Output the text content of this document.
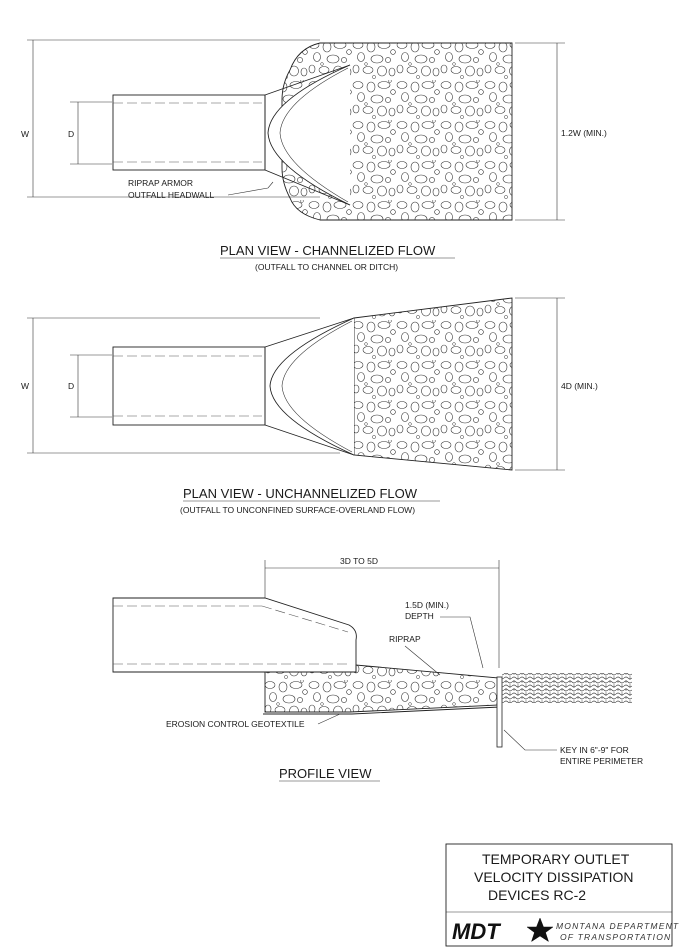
W	D	1.2W (MIN.)
RIPRAP ARMOR
OUTFALL HEADWALL
PLAN VIEW - CHANNELIZED FLOW
(OUTFALL TO CHANNEL OR DITCH)
W	D	4D (MIN.)
PLAN VIEW - UNCHANNELIZED FLOW
(OUTFALL TO UNCONFINED SURFACE-OVERLAND FLOW)
3D TO 5D
1.5D (MIN.)
DEPTH
RIPRAP
EROSION CONTROL GEOTEXTILE
KEY IN 6"-9" FOR
ENTIRE PERIMETER
PROFILE VIEW
TEMPORARY OUTLET
VELOCITY DISSIPATION
DEVICES RC-2
MDT	MONTANA DEPARTMENT
OF TRANSPORTATION
